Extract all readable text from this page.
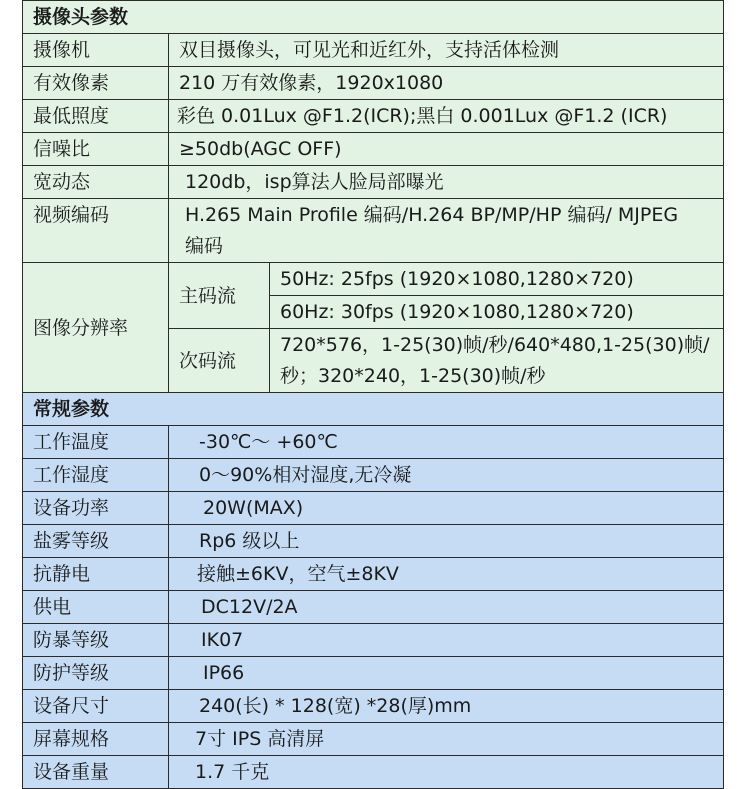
摄像头参数		
摄像机	双目摄像头，可见光和近红外，支持活体检测	
有效像素	210 万有效像素，1920x1080	
最低照度	彩色 0.01Lux @F1.2(ICR);黑白 0.001Lux @F1.2 (ICR)	
信噪比	≥50db(AGC OFF)	
宽动态	120db，isp算法人脸局部曝光	
视频编码	H.265 Main Profile 编码/H.264 BP/MP/HP 编码/ MJPEG 编码	
图像分辨率	主码流	50Hz: 25fps (1920×1080,1280×720)
		60Hz: 30fps (1920×1080,1280×720)
	次码流	720*576，1-25(30)帧/秒/640*480,1-25(30)帧/秒；320*240，1-25(30)帧/秒
常规参数		
工作温度	-30℃～ +60℃	
工作湿度	0～90%相对湿度,无冷凝	
设备功率	20W(MAX)	
盐雾等级	Rp6 级以上	
抗静电	接触±6KV，空气±8KV	
供电	DC12V/2A	
防暴等级	IK07	
防护等级	IP66	
设备尺寸	240(长) * 128(宽) *28(厚)mm	
屏幕规格	7寸 IPS 高清屏	
设备重量	1.7 千克	
